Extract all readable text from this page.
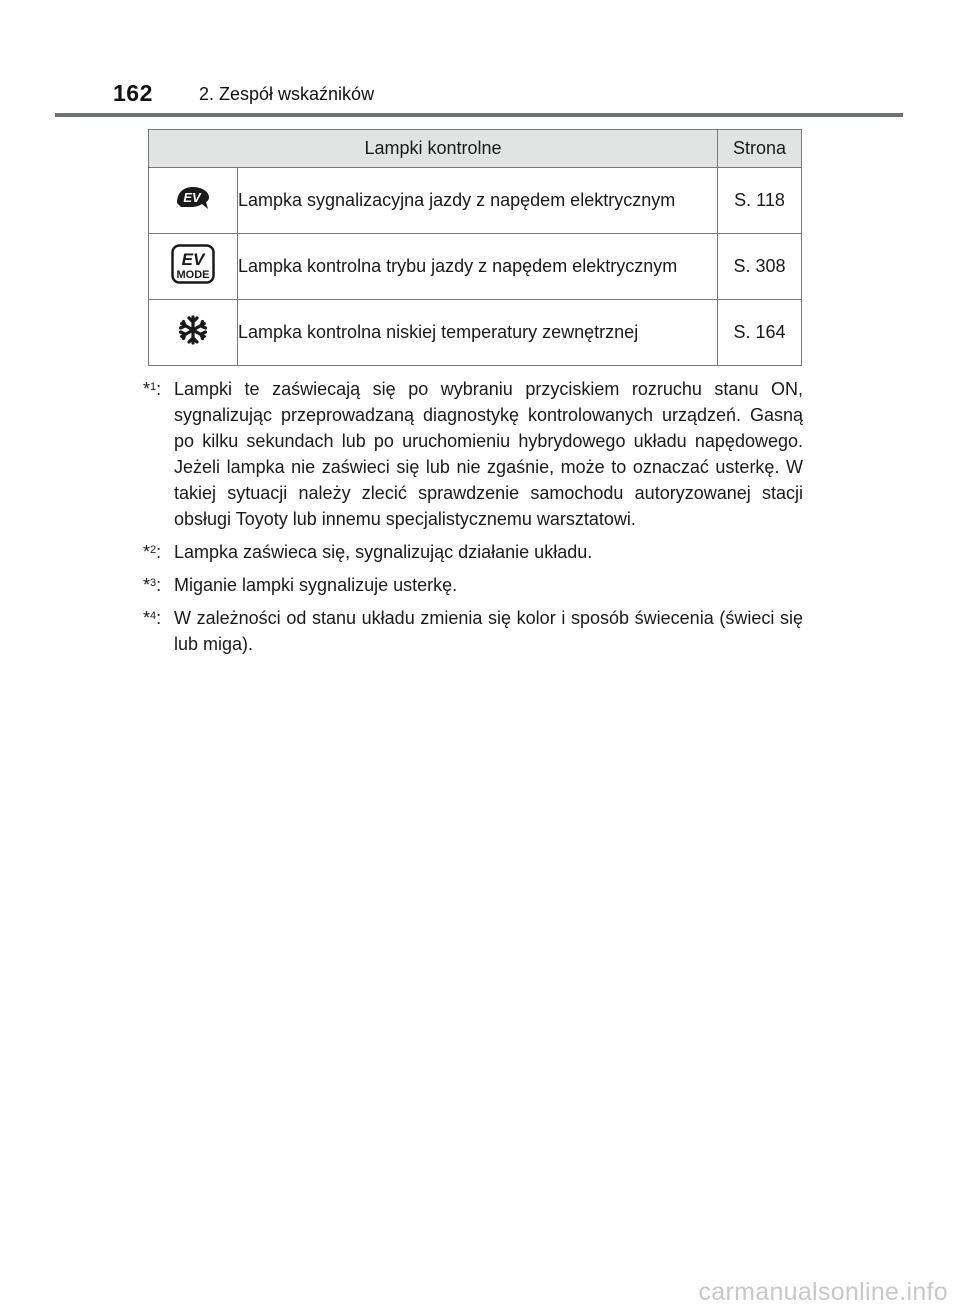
162	2. Zespół wskaźników
Lampki kontrolne		Strona

EV	Lampka sygnalizacyjna jazdy z napędem elektrycznym	S. 118

EV
MODE	Lampka kontrolna trybu jazdy z napędem elektrycznym	S. 308
	Lampka kontrolna niskiej temperatury zewnętrznej	S. 164
*$^1$: Lampki te zaświecają się po wybraniu przyciskiem rozruchu stanu ON, sygnalizując przeprowadzaną diagnostykę kontrolowanych urządzeń. Gasną po kilku sekundach lub po uruchomieniu hybrydowego układu napędowego. Jeżeli lampka nie zaświeci się lub nie zgaśnie, może to oznaczać usterkę. W takiej sytuacji należy zlecić sprawdzenie samochodu autoryzowanej stacji obsługi Toyoty lub innemu specjalistycznemu warsztatowi.
*$^2$: Lampka zaświeca się, sygnalizując działanie układu.
*$^3$: Miganie lampki sygnalizuje usterkę.
*$^4$: W zależności od stanu układu zmienia się kolor i sposób świecenia (świeci się lub miga).
carmanualsonline.info
